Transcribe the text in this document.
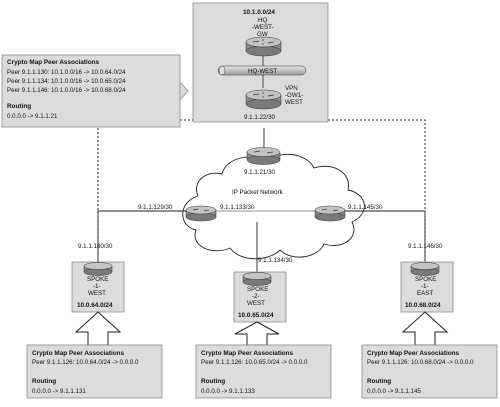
IP Packet Network
10.1.0.0/24
HQ
-WEST-
GW
HQ-WEST
VPN
-GW1-
WEST
9.1.1.22/30
Crypto Map Peer Associations
Peer 9.1.1.130: 10.1.0.0/16 -> 10.0.64.0/24
Peer 9.1.1.134: 10.1.0.0/16 -> 10.0.65.0/24
Peer 9.1.1.146: 10.1.0.0/16 -> 10.0.68.0/24
Routing
0.0.0.0 -> 9.1.1.21
9.1.1.21/30
9.1.1.129/30	9.1.1.133/30	9.1.1.145/30
9.1.1.130/30
SPOKE
-1-
WEST
10.0.64.0/24
Crypto Map Peer Associations
Peer 9.1.1.126: 10.0.64.0/24 -> 0.0.0.0
Routing
0.0.0.0 -> 9.1.1.131
9.1.1.134/30
SPOKE
-2-
WEST
10.0.65.0/24
Crypto Map Peer Associations
Peer 9.1.1.126: 10.0.65.0/24 -> 0.0.0.0
Routing
0.0.0.0 -> 9.1.1.133
9.1.1.146/30
SPOKE
-1-
EAST
10.0.68.0/24
Crypto Map Peer Associations
Peer 9.1.1.126: 10.0.68.0/24 -> 0.0.0.0
Routing
0.0.0.0 -> 9.1.1.145
